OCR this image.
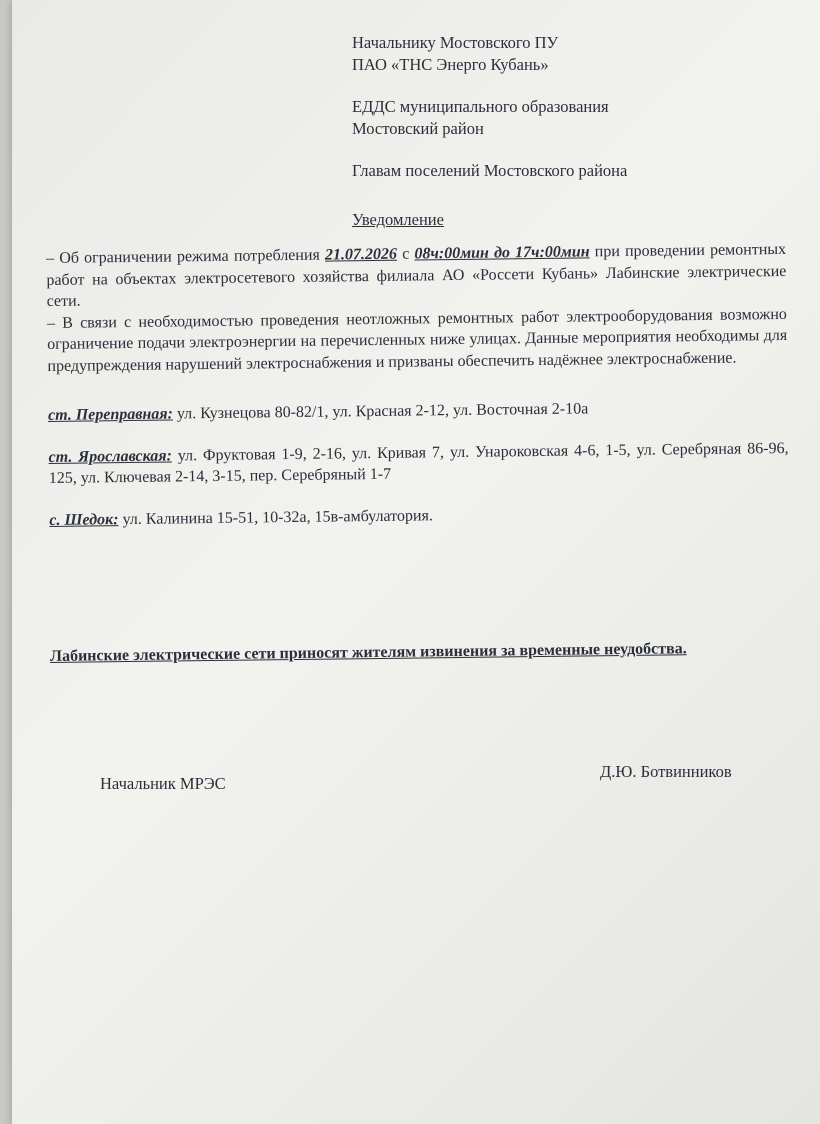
Начальнику Мостовского ПУ
ПАО «ТНС Энерго Кубань»
ЕДДС муниципального образования
Мостовский район
Главам поселений Мостовского района
Уведомление

– Об ограничении режима потребления 21.07.2026 с 08ч:00мин до 17ч:00мин при проведении ремонтных работ на объектах электросетевого хозяйства филиала АО «Россети Кубань» Лабинские электрические сети.

– В связи с необходимостью проведения неотложных ремонтных работ электрооборудования возможно ограничение подачи электроэнергии на перечисленных ниже улицах. Данные мероприятия необходимы для предупреждения нарушений электроснабжения и призваны обеспечить надёжнее электроснабжение.

ст. Переправная: ул. Кузнецова 80-82/1, ул. Красная 2-12, ул. Восточная 2-10а
ст. Ярославская: ул. Фруктовая 1-9, 2-16, ул. Кривая 7, ул. Унароковская 4-6, 1-5, ул. Серебряная 86-96, 125, ул. Ключевая 2-14, 3-15, пер. Серебряный 1-7
с. Шедок: ул. Калинина 15-51, 10-32а, 15в-амбулатория.
Лабинские электрические сети приносят жителям извинения за временные неудобства.
Начальник МРЭС
Д.Ю. Ботвинников
